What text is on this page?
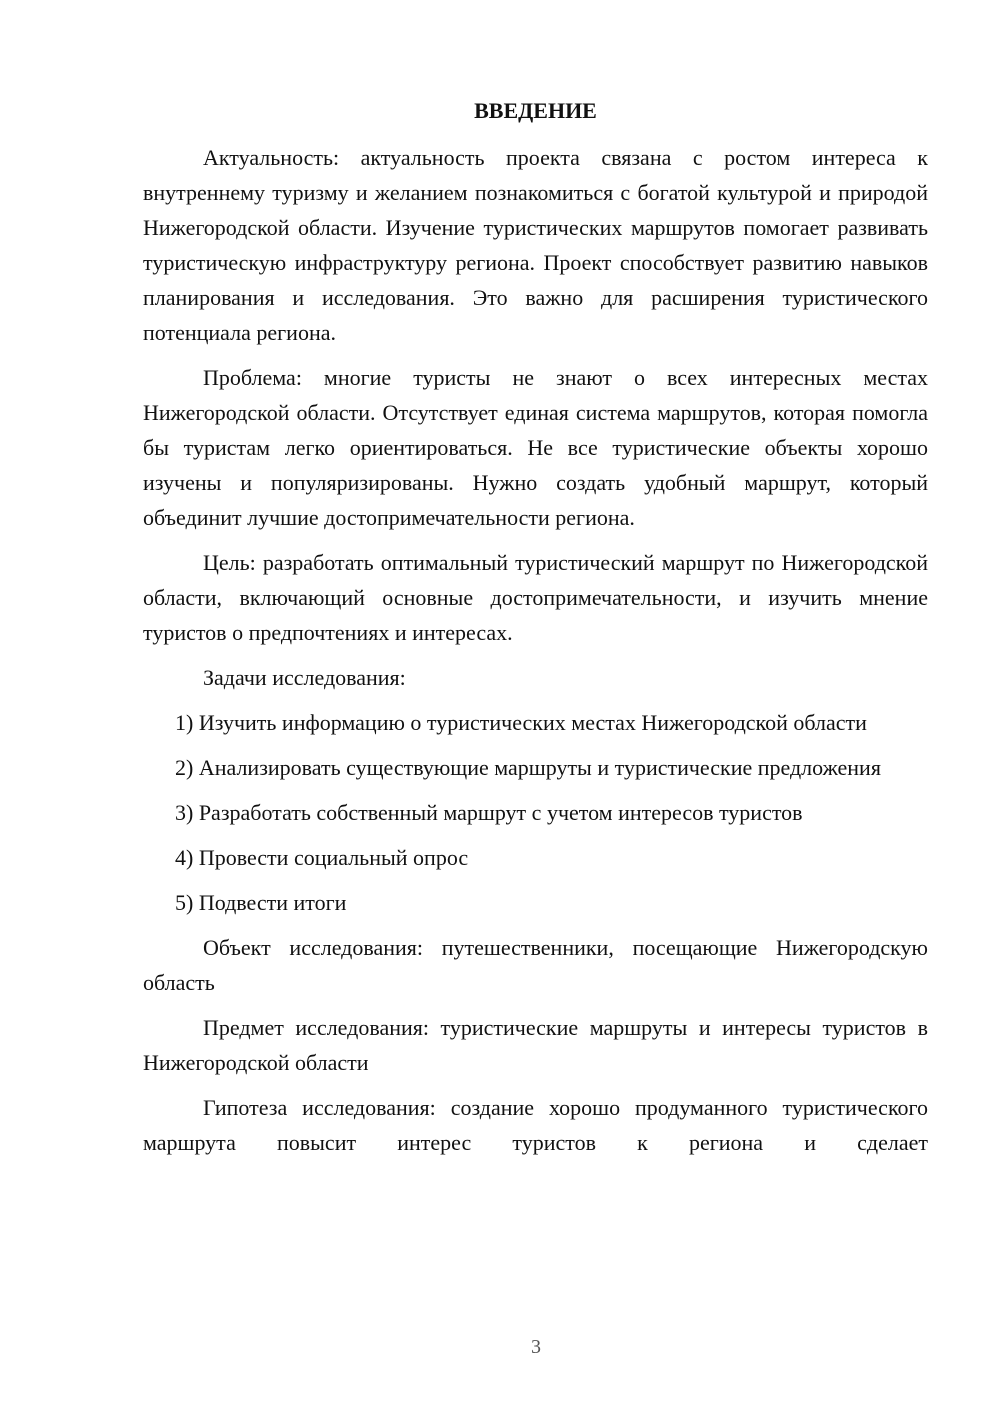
ВВЕДЕНИЕ

Актуальность: актуальность проекта связана с ростом интереса к внутреннему туризму и желанием познакомиться с богатой культурой и природой Нижегородской области. Изучение туристических маршрутов помогает развивать туристическую инфраструктуру региона. Проект способствует развитию навыков планирования и исследования. Это важно для расширения туристического потенциала региона.

Проблема: многие туристы не знают о всех интересных местах Нижегородской области. Отсутствует единая система маршрутов, которая помогла бы туристам легко ориентироваться. Не все туристические объекты хорошо изучены и популяризированы. Нужно создать удобный маршрут, который объединит лучшие достопримечательности региона.

Цель: разработать оптимальный туристический маршрут по Нижегородской области, включающий основные достопримечательности, и изучить мнение туристов о предпочтениях и интересах.

Задачи исследования:

1) Изучить информацию о туристических местах Нижегородской области

2) Анализировать существующие маршруты и туристические предложения

3) Разработать собственный маршрут с учетом интересов туристов

4) Провести социальный опрос

5) Подвести итоги

Объект исследования: путешественники, посещающие Нижегородскую область

Предмет исследования: туристические маршруты и интересы туристов в Нижегородской области

Гипотеза исследования: создание хорошо продуманного туристического маршрута повысит интерес туристов к региона и сделает

3
